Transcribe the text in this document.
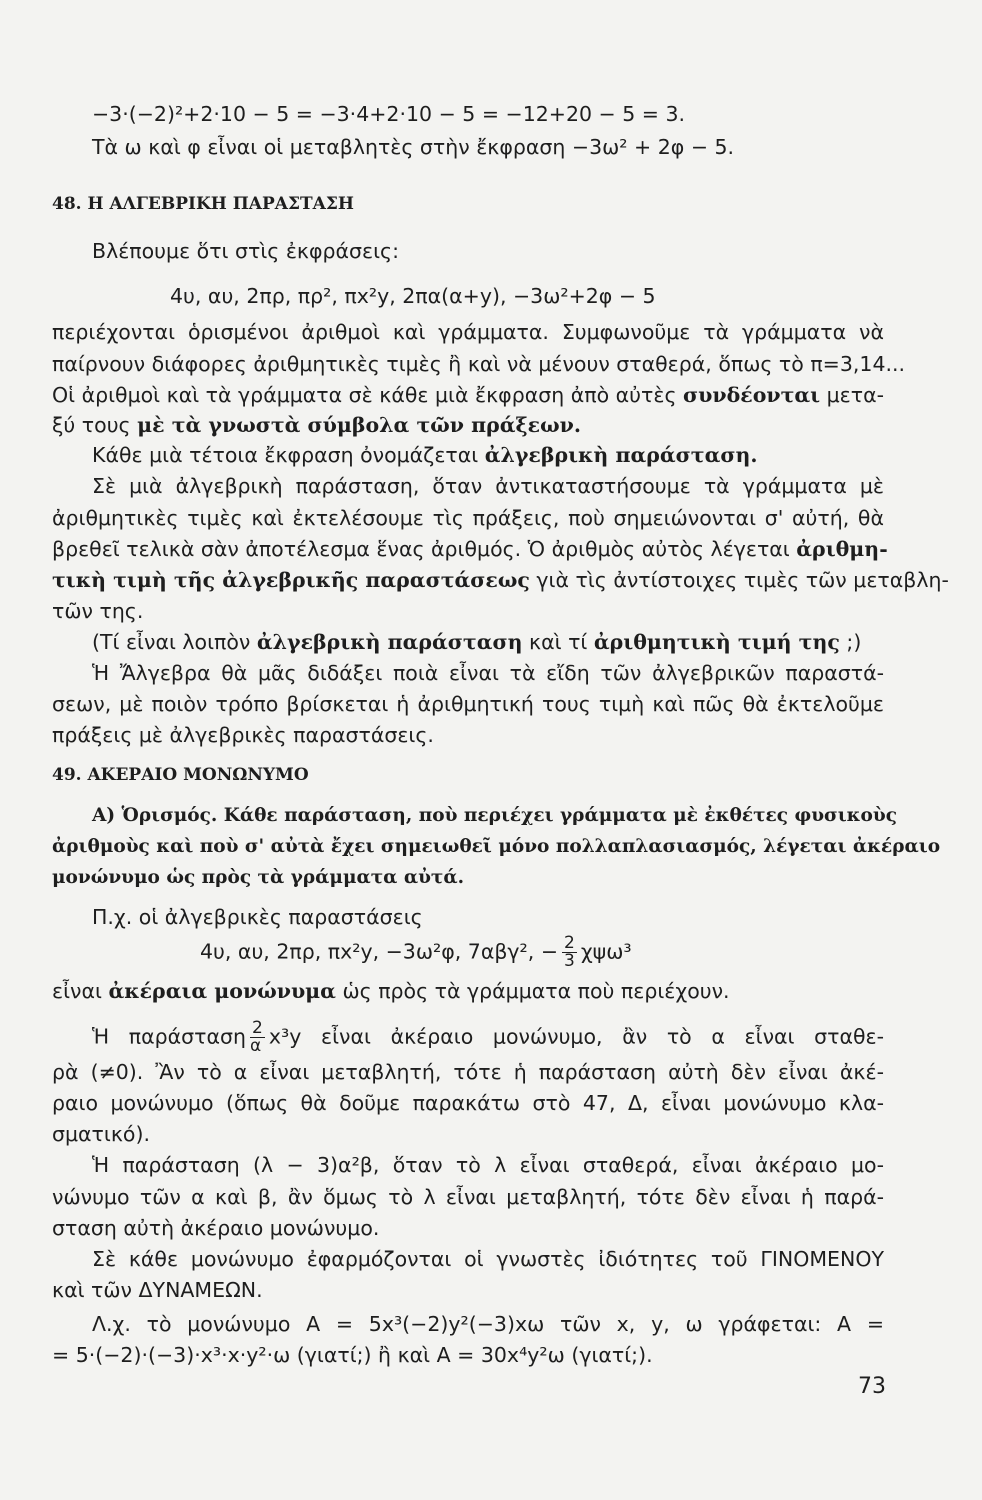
−3·(−2)²+2·10 − 5 = −3·4+2·10 − 5 = −12+20 − 5 = 3.
Τὰ ω καὶ φ εἶναι οἱ μεταβλητὲς στὴν ἔκφραση −3ω² + 2φ − 5.
48. Η ΑΛΓΕΒΡΙΚΗ ΠΑΡΑΣΤΑΣΗ
Βλέπουμε ὅτι στὶς ἐκφράσεις:
4υ, αυ, 2πρ, πρ², πx²y, 2πα(α+y), −3ω²+2φ − 5
περιέχονται ὁρισμένοι ἀριθμοὶ καὶ γράμματα. Συμφωνοῦμε τὰ γράμματα νὰ
παίρνουν διάφορες ἀριθμητικὲς τιμὲς ἢ καὶ νὰ μένουν σταθερά, ὅπως τὸ π=3,14...
Οἱ ἀριθμοὶ καὶ τὰ γράμματα σὲ κάθε μιὰ ἔκφραση ἀπὸ αὐτὲς συνδέονται μετα-
ξύ τους μὲ τὰ γνωστὰ σύμβολα τῶν πράξεων.
Κάθε μιὰ τέτοια ἔκφραση ὀνομάζεται ἀλγεβρικὴ παράσταση.
Σὲ μιὰ ἀλγεβρικὴ παράσταση, ὅταν ἀντικαταστήσουμε τὰ γράμματα μὲ
ἀριθμητικὲς τιμὲς καὶ ἐκτελέσουμε τὶς πράξεις, ποὺ σημειώνονται σ' αὐτή, θὰ
βρεθεῖ τελικὰ σὰν ἀποτέλεσμα ἕνας ἀριθμός. Ὁ ἀριθμὸς αὐτὸς λέγεται ἀριθμη-
τικὴ τιμὴ τῆς ἀλγεβρικῆς παραστάσεως γιὰ τὶς ἀντίστοιχες τιμὲς τῶν μεταβλη-
τῶν της.
(Τί εἶναι λοιπὸν ἀλγεβρικὴ παράσταση καὶ τί ἀριθμητικὴ τιμή της ;)
Ἡ Ἄλγεβρα θὰ μᾶς διδάξει ποιὰ εἶναι τὰ εἴδη τῶν ἀλγεβρικῶν παραστά-
σεων, μὲ ποιὸν τρόπο βρίσκεται ἡ ἀριθμητική τους τιμὴ καὶ πῶς θὰ ἐκτελοῦμε
πράξεις μὲ ἀλγεβρικὲς παραστάσεις.
49. ΑΚΕΡΑΙΟ ΜΟΝΩΝΥΜΟ
Α) Ὁρισμός. Κάθε παράσταση, ποὺ περιέχει γράμματα μὲ ἐκθέτες φυσικοὺς
ἀριθμοὺς καὶ ποὺ σ' αὐτὰ ἔχει σημειωθεῖ μόνο πολλαπλασιασμός, λέγεται ἀκέραιο
μονώνυμο ὡς πρὸς τὰ γράμματα αὐτά.
Π.χ. οἱ ἀλγεβρικὲς παραστάσεις
4υ, αυ, 2πρ, πx²y, −3ω²φ, 7αβγ², − $\frac{2}{3} \chi\psi\omega^3$
εἶναι ἀκέραια μονώνυμα ὡς πρὸς τὰ γράμματα ποὺ περιέχουν.
Ἡ παράσταση $\frac{2}{\alpha} x^3y$ εἶναι ἀκέραιο μονώνυμο, ἂν τὸ α εἶναι σταθε-
ρὰ (≠0). Ἂν τὸ α εἶναι μεταβλητή, τότε ἡ παράσταση αὐτὴ δὲν εἶναι ἀκέ-
ραιο μονώνυμο (ὅπως θὰ δοῦμε παρακάτω στὸ 47, Δ, εἶναι μονώνυμο κλα-
σματικό).
Ἡ παράσταση (λ − 3)α²β, ὅταν τὸ λ εἶναι σταθερά, εἶναι ἀκέραιο μο-
νώνυμο τῶν α καὶ β, ἂν ὅμως τὸ λ εἶναι μεταβλητή, τότε δὲν εἶναι ἡ παρά-
σταση αὐτὴ ἀκέραιο μονώνυμο.
Σὲ κάθε μονώνυμο ἐφαρμόζονται οἱ γνωστὲς ἰδιότητες τοῦ ΓΙΝΟΜΕΝΟΥ
καὶ τῶν ΔΥΝΑΜΕΩΝ.
Λ.χ. τὸ μονώνυμο Α = 5x³(−2)y²(−3)xω τῶν x, y, ω γράφεται: Α =
= 5·(−2)·(−3)·x³·x·y²·ω (γιατί;) ἢ καὶ Α = 30x⁴y²ω (γιατί;).
73
